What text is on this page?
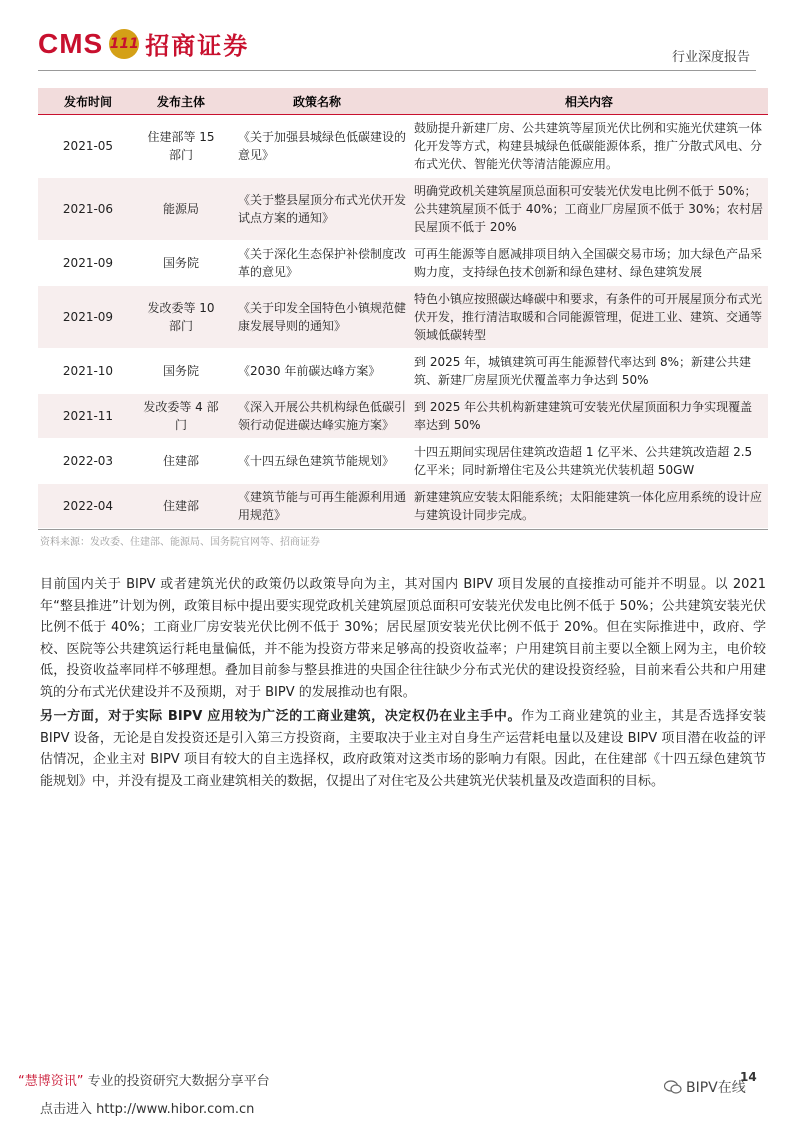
CMS 111 招商证券	行业深度报告
发布时间	发布主体	政策名称	相关内容
2021-05	住建部等 15 部门	《关于加强县城绿色低碳建设的意见》	鼓励提升新建厂房、公共建筑等屋顶光伏比例和实施光伏建筑一体化开发等方式，构建县城绿色低碳能源体系，推广分散式风电、分布式光伏、智能光伏等清洁能源应用。
2021-06	能源局	《关于整县屋顶分布式光伏开发试点方案的通知》	明确党政机关建筑屋顶总面积可安装光伏发电比例不低于 50%；公共建筑屋顶不低于 40%；工商业厂房屋顶不低于 30%；农村居民屋顶不低于 20%
2021-09	国务院	《关于深化生态保护补偿制度改革的意见》	可再生能源等自愿减排项目纳入全国碳交易市场；加大绿色产品采购力度，支持绿色技术创新和绿色建材、绿色建筑发展
2021-09	发改委等 10 部门	《关于印发全国特色小镇规范健康发展导则的通知》	特色小镇应按照碳达峰碳中和要求，有条件的可开展屋顶分布式光伏开发，推行清洁取暖和合同能源管理，促进工业、建筑、交通等领域低碳转型
2021-10	国务院	《2030 年前碳达峰方案》	到 2025 年，城镇建筑可再生能源替代率达到 8%；新建公共建筑、新建厂房屋顶光伏覆盖率力争达到 50%
2021-11	发改委等 4 部门	《深入开展公共机构绿色低碳引领行动促进碳达峰实施方案》	到 2025 年公共机构新建建筑可安装光伏屋顶面积力争实现覆盖率达到 50%
2022-03	住建部	《十四五绿色建筑节能规划》	十四五期间实现居住建筑改造超 1 亿平米、公共建筑改造超 2.5 亿平米；同时新增住宅及公共建筑光伏装机超 50GW
2022-04	住建部	《建筑节能与可再生能源利用通用规范》	新建建筑应安装太阳能系统；太阳能建筑一体化应用系统的设计应与建筑设计同步完成。
资料来源：发改委、住建部、能源局、国务院官网等、招商证券
目前国内关于 BIPV 或者建筑光伏的政策仍以政策导向为主，其对国内 BIPV 项目发展的直接推动可能并不明显。以 2021 年“整县推进”计划为例，政策目标中提出要实现党政机关建筑屋顶总面积可安装光伏发电比例不低于 50%；公共建筑安装光伏比例不低于 40%；工商业厂房安装光伏比例不低于 30%；居民屋顶安装光伏比例不低于 20%。但在实际推进中，政府、学校、医院等公共建筑运行耗电量偏低，并不能为投资方带来足够高的投资收益率；户用建筑目前主要以全额上网为主，电价较低，投资收益率同样不够理想。叠加目前参与整县推进的央国企往往缺少分布式光伏的建设投资经验，目前来看公共和户用建筑的分布式光伏建设并不及预期，对于 BIPV 的发展推动也有限。
另一方面，对于实际 BIPV 应用较为广泛的工商业建筑，决定权仍在业主手中。作为工商业建筑的业主，其是否选择安装 BIPV 设备，无论是自发投资还是引入第三方投资商，主要取决于业主对自身生产运营耗电量以及建设 BIPV 项目潜在收益的评估情况，企业主对 BIPV 项目有较大的自主选择权，政府政策对这类市场的影响力有限。因此，在住建部《十四五绿色建筑节能规划》中，并没有提及工商业建筑相关的数据，仅提出了对住宅及公共建筑光伏装机量及改造面积的目标。
“慧博资讯” 专业的投资研究大数据分享平台
点击进入 http://www.hibor.com.cn
14
BIPV在线
